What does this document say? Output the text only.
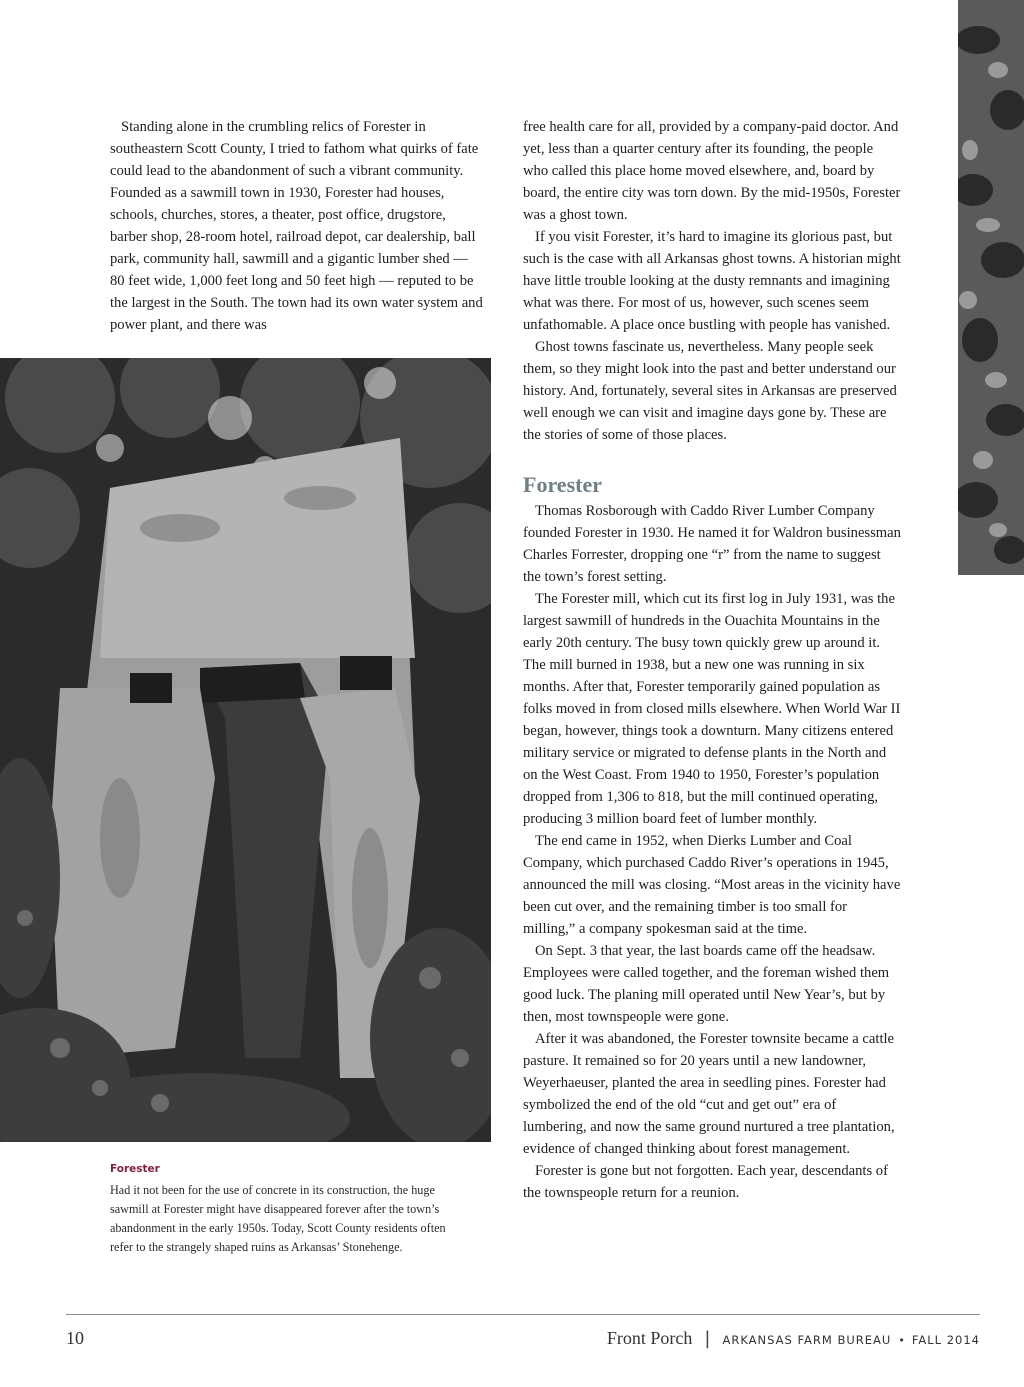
Standing alone in the crumbling relics of Forester in southeastern Scott County, I tried to fathom what quirks of fate could lead to the abandonment of such a vibrant community. Founded as a sawmill town in 1930, Forester had houses, schools, churches, stores, a theater, post office, drugstore, barber shop, 28-room hotel, railroad depot, car dealership, ball park, community hall, sawmill and a gigantic lumber shed — 80 feet wide, 1,000 feet long and 50 feet high — reputed to be the largest in the South. The town had its own water system and power plant, and there was

Forester
Had it not been for the use of concrete in its construction, the huge sawmill at Forester might have disappeared forever after the town’s abandonment in the early 1950s. Today, Scott County residents often refer to the strangely shaped ruins as Arkansas’ Stonehenge.

free health care for all, provided by a company-paid doctor. And yet, less than a quarter century after its founding, the people who called this place home moved elsewhere, and, board by board, the entire city was torn down. By the mid-1950s, Forester was a ghost town.

If you visit Forester, it’s hard to imagine its glorious past, but such is the case with all Arkansas ghost towns. A historian might have little trouble looking at the dusty remnants and imagining what was there. For most of us, however, such scenes seem unfathomable. A place once bustling with people has vanished.

Ghost towns fascinate us, nevertheless. Many people seek them, so they might look into the past and better understand our history. And, fortunately, several sites in Arkansas are preserved well enough we can visit and imagine days gone by. These are the stories of some of those places.

Forester

Thomas Rosborough with Caddo River Lumber Company founded Forester in 1930. He named it for Waldron businessman Charles Forrester, dropping one “r” from the name to suggest the town’s forest setting.

The Forester mill, which cut its first log in July 1931, was the largest sawmill of hundreds in the Ouachita Mountains in the early 20th century. The busy town quickly grew up around it. The mill burned in 1938, but a new one was running in six months. After that, Forester temporarily gained population as folks moved in from closed mills elsewhere. When World War II began, however, things took a downturn. Many citizens entered military service or migrated to defense plants in the North and on the West Coast. From 1940 to 1950, Forester’s population dropped from 1,306 to 818, but the mill continued operating, producing 3 million board feet of lumber monthly.

The end came in 1952, when Dierks Lumber and Coal Company, which purchased Caddo River’s operations in 1945, announced the mill was closing. “Most areas in the vicinity have been cut over, and the remaining timber is too small for milling,” a company spokesman said at the time.

On Sept. 3 that year, the last boards came off the headsaw. Employees were called together, and the foreman wished them good luck. The planing mill operated until New Year’s, but by then, most townspeople were gone.

After it was abandoned, the Forester townsite became a cattle pasture. It remained so for 20 years until a new landowner, Weyerhaeuser, planted the area in seedling pines. Forester had symbolized the end of the old “cut and get out” era of lumbering, and now the same ground nurtured a tree plantation, evidence of changed thinking about forest management.

Forester is gone but not forgotten. Each year, descendants of the townspeople return for a reunion.

10	Front Porch | ARKANSAS FARM BUREAU • FALL 2014
